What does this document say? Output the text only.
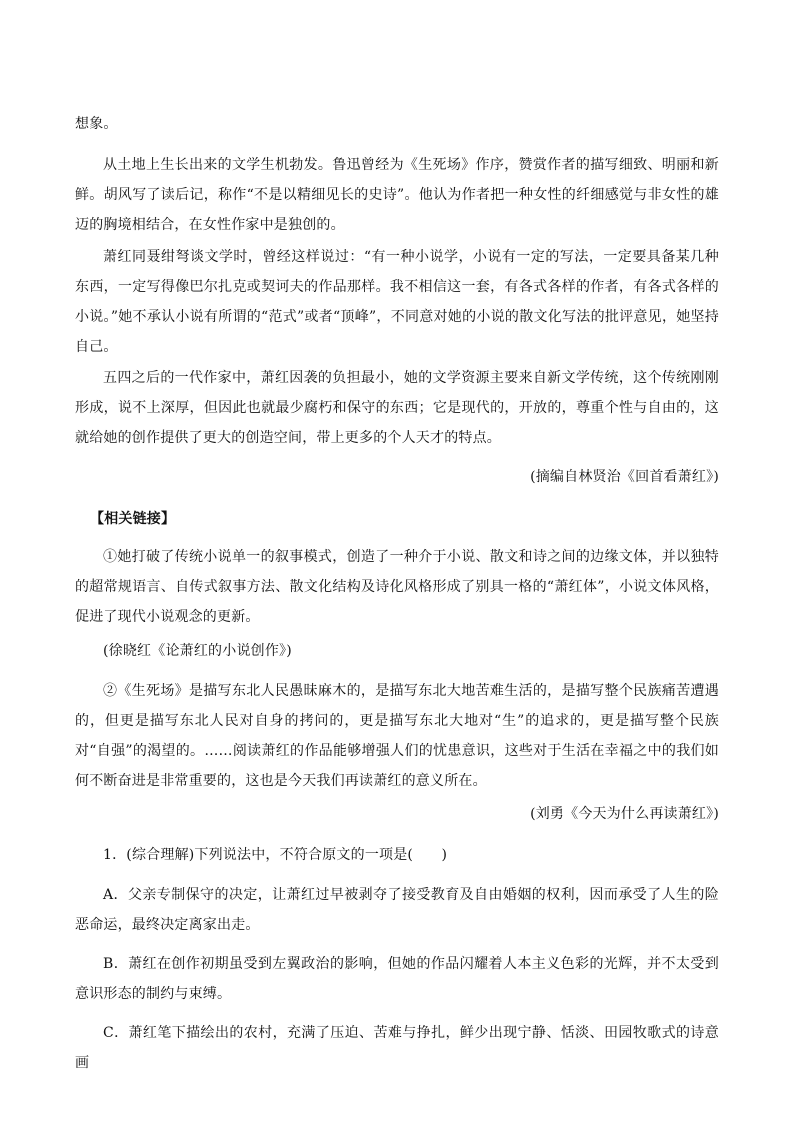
想象。
从土地上生长出来的文学生机勃发。鲁迅曾经为《生死场》作序，赞赏作者的描写细致、明丽和新鲜。胡风写了读后记，称作“不是以精细见长的史诗”。他认为作者把一种女性的纤细感觉与非女性的雄迈的胸境相结合，在女性作家中是独创的。
萧红同聂绀弩谈文学时，曾经这样说过：“有一种小说学，小说有一定的写法，一定要具备某几种东西，一定写得像巴尔扎克或契诃夫的作品那样。我不相信这一套，有各式各样的作者，有各式各样的小说。”她不承认小说有所谓的“范式”或者“顶峰”，不同意对她的小说的散文化写法的批评意见，她坚持自己。
五四之后的一代作家中，萧红因袭的负担最小，她的文学资源主要来自新文学传统，这个传统刚刚形成，说不上深厚，但因此也就最少腐朽和保守的东西；它是现代的，开放的，尊重个性与自由的，这就给她的创作提供了更大的创造空间，带上更多的个人天才的特点。
(摘编自林贤治《回首看萧红》)
【相关链接】
①她打破了传统小说单一的叙事模式，创造了一种介于小说、散文和诗之间的边缘文体，并以独特的超常规语言、自传式叙事方法、散文化结构及诗化风格形成了别具一格的“萧红体”，小说文体风格，促进了现代小说观念的更新。
(徐晓红《论萧红的小说创作》)
②《生死场》是描写东北人民愚昧麻木的，是描写东北大地苦难生活的，是描写整个民族痛苦遭遇的，但更是描写东北人民对自身的拷问的，更是描写东北大地对“生”的追求的，更是描写整个民族对“自强”的渴望的。……阅读萧红的作品能够增强人们的忧患意识，这些对于生活在幸福之中的我们如何不断奋进是非常重要的，这也是今天我们再读萧红的意义所在。
(刘勇《今天为什么再读萧红》)
1．(综合理解)下列说法中，不符合原文的一项是(　　)
A．父亲专制保守的决定，让萧红过早被剥夺了接受教育及自由婚姻的权利，因而承受了人生的险恶命运，最终决定离家出走。
B．萧红在创作初期虽受到左翼政治的影响，但她的作品闪耀着人本主义色彩的光辉，并不太受到意识形态的制约与束缚。
C．萧红笔下描绘出的农村，充满了压迫、苦难与挣扎，鲜少出现宁静、恬淡、田园牧歌式的诗意画
